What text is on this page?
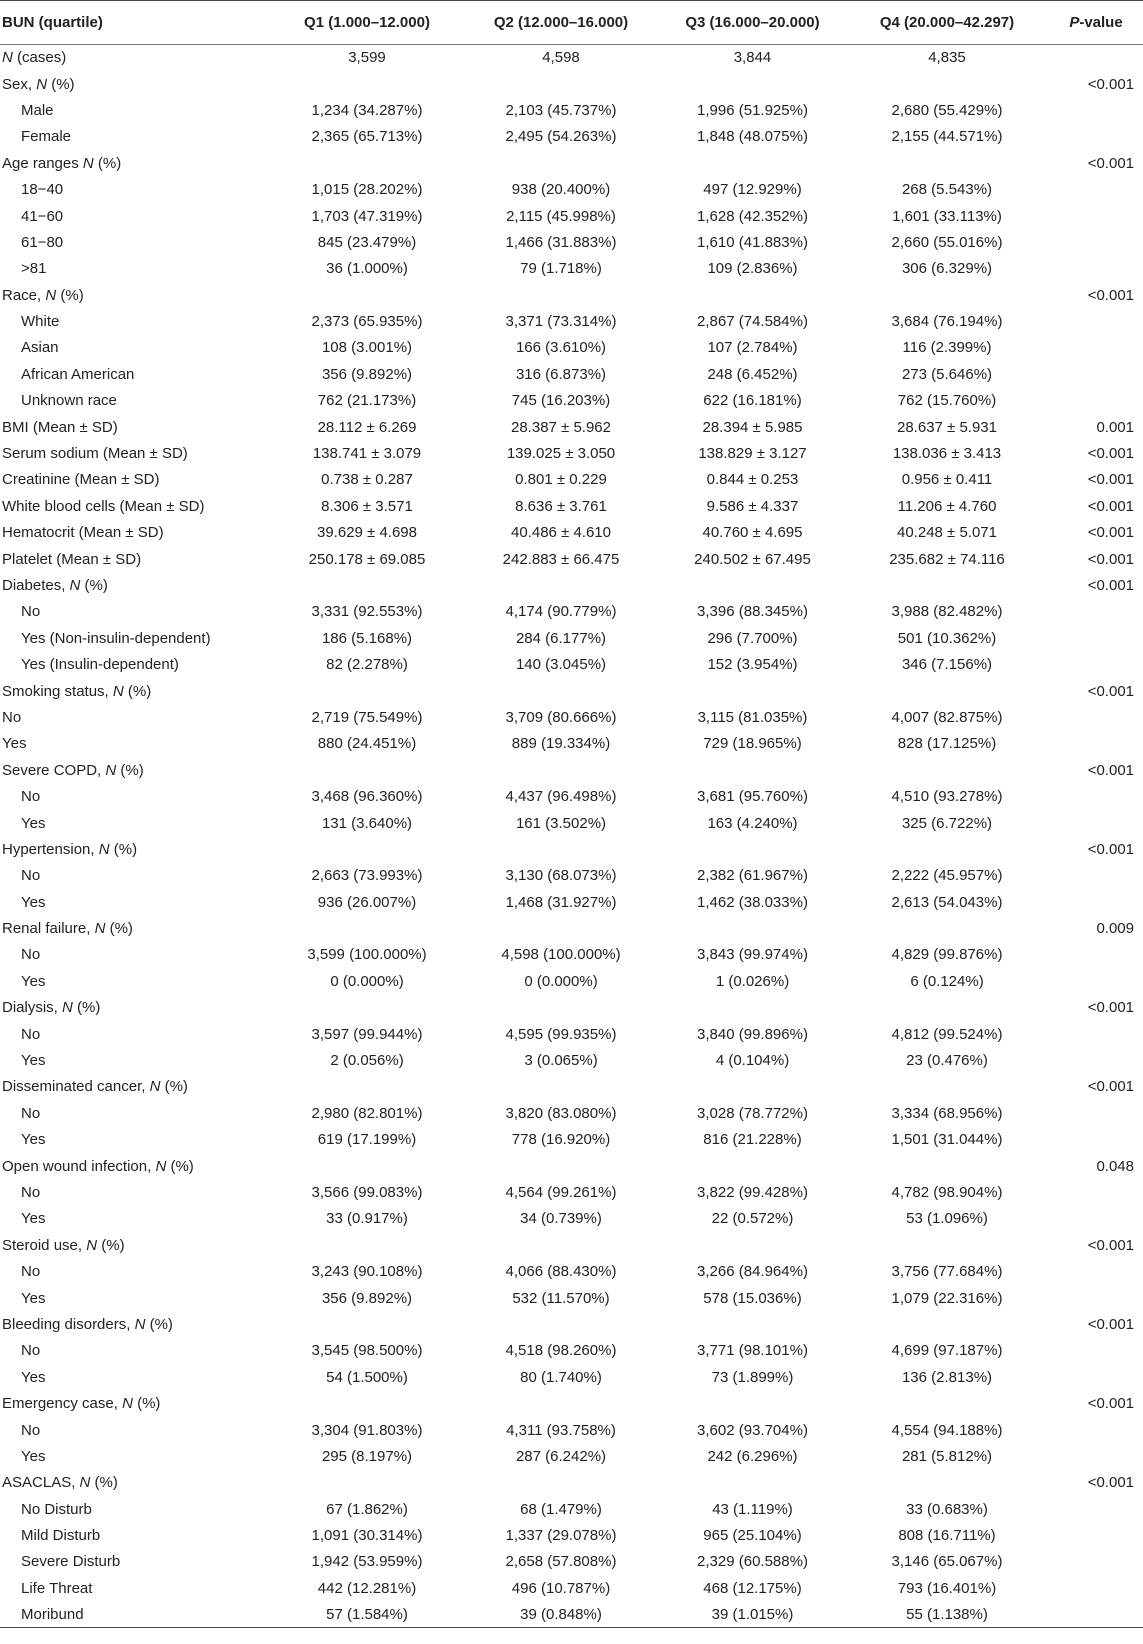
BUN (quartile)	Q1 (1.000–12.000)	Q2 (12.000–16.000)	Q3 (16.000–20.000)	Q4 (20.000–42.297)	P-value
N (cases)	3,599	4,598	3,844	4,835	
Sex, N (%)					<0.001
Male	1,234 (34.287%)	2,103 (45.737%)	1,996 (51.925%)	2,680 (55.429%)	
Female	2,365 (65.713%)	2,495 (54.263%)	1,848 (48.075%)	2,155 (44.571%)	
Age ranges N (%)					<0.001
18−40	1,015 (28.202%)	938 (20.400%)	497 (12.929%)	268 (5.543%)	
41−60	1,703 (47.319%)	2,115 (45.998%)	1,628 (42.352%)	1,601 (33.113%)	
61−80	845 (23.479%)	1,466 (31.883%)	1,610 (41.883%)	2,660 (55.016%)	
>81	36 (1.000%)	79 (1.718%)	109 (2.836%)	306 (6.329%)	
Race, N (%)					<0.001
White	2,373 (65.935%)	3,371 (73.314%)	2,867 (74.584%)	3,684 (76.194%)	
Asian	108 (3.001%)	166 (3.610%)	107 (2.784%)	116 (2.399%)	
African American	356 (9.892%)	316 (6.873%)	248 (6.452%)	273 (5.646%)	
Unknown race	762 (21.173%)	745 (16.203%)	622 (16.181%)	762 (15.760%)	
BMI (Mean ± SD)	28.112 ± 6.269	28.387 ± 5.962	28.394 ± 5.985	28.637 ± 5.931	0.001
Serum sodium (Mean ± SD)	138.741 ± 3.079	139.025 ± 3.050	138.829 ± 3.127	138.036 ± 3.413	<0.001
Creatinine (Mean ± SD)	0.738 ± 0.287	0.801 ± 0.229	0.844 ± 0.253	0.956 ± 0.411	<0.001
White blood cells (Mean ± SD)	8.306 ± 3.571	8.636 ± 3.761	9.586 ± 4.337	11.206 ± 4.760	<0.001
Hematocrit (Mean ± SD)	39.629 ± 4.698	40.486 ± 4.610	40.760 ± 4.695	40.248 ± 5.071	<0.001
Platelet (Mean ± SD)	250.178 ± 69.085	242.883 ± 66.475	240.502 ± 67.495	235.682 ± 74.116	<0.001
Diabetes, N (%)					<0.001
No	3,331 (92.553%)	4,174 (90.779%)	3,396 (88.345%)	3,988 (82.482%)	
Yes (Non-insulin-dependent)	186 (5.168%)	284 (6.177%)	296 (7.700%)	501 (10.362%)	
Yes (Insulin-dependent)	82 (2.278%)	140 (3.045%)	152 (3.954%)	346 (7.156%)	
Smoking status, N (%)					<0.001
No	2,719 (75.549%)	3,709 (80.666%)	3,115 (81.035%)	4,007 (82.875%)	
Yes	880 (24.451%)	889 (19.334%)	729 (18.965%)	828 (17.125%)	
Severe COPD, N (%)					<0.001
No	3,468 (96.360%)	4,437 (96.498%)	3,681 (95.760%)	4,510 (93.278%)	
Yes	131 (3.640%)	161 (3.502%)	163 (4.240%)	325 (6.722%)	
Hypertension, N (%)					<0.001
No	2,663 (73.993%)	3,130 (68.073%)	2,382 (61.967%)	2,222 (45.957%)	
Yes	936 (26.007%)	1,468 (31.927%)	1,462 (38.033%)	2,613 (54.043%)	
Renal failure, N (%)					0.009
No	3,599 (100.000%)	4,598 (100.000%)	3,843 (99.974%)	4,829 (99.876%)	
Yes	0 (0.000%)	0 (0.000%)	1 (0.026%)	6 (0.124%)	
Dialysis, N (%)					<0.001
No	3,597 (99.944%)	4,595 (99.935%)	3,840 (99.896%)	4,812 (99.524%)	
Yes	2 (0.056%)	3 (0.065%)	4 (0.104%)	23 (0.476%)	
Disseminated cancer, N (%)					<0.001
No	2,980 (82.801%)	3,820 (83.080%)	3,028 (78.772%)	3,334 (68.956%)	
Yes	619 (17.199%)	778 (16.920%)	816 (21.228%)	1,501 (31.044%)	
Open wound infection, N (%)					0.048
No	3,566 (99.083%)	4,564 (99.261%)	3,822 (99.428%)	4,782 (98.904%)	
Yes	33 (0.917%)	34 (0.739%)	22 (0.572%)	53 (1.096%)	
Steroid use, N (%)					<0.001
No	3,243 (90.108%)	4,066 (88.430%)	3,266 (84.964%)	3,756 (77.684%)	
Yes	356 (9.892%)	532 (11.570%)	578 (15.036%)	1,079 (22.316%)	
Bleeding disorders, N (%)					<0.001
No	3,545 (98.500%)	4,518 (98.260%)	3,771 (98.101%)	4,699 (97.187%)	
Yes	54 (1.500%)	80 (1.740%)	73 (1.899%)	136 (2.813%)	
Emergency case, N (%)					<0.001
No	3,304 (91.803%)	4,311 (93.758%)	3,602 (93.704%)	4,554 (94.188%)	
Yes	295 (8.197%)	287 (6.242%)	242 (6.296%)	281 (5.812%)	
ASACLAS, N (%)					<0.001
No Disturb	67 (1.862%)	68 (1.479%)	43 (1.119%)	33 (0.683%)	
Mild Disturb	1,091 (30.314%)	1,337 (29.078%)	965 (25.104%)	808 (16.711%)	
Severe Disturb	1,942 (53.959%)	2,658 (57.808%)	2,329 (60.588%)	3,146 (65.067%)	
Life Threat	442 (12.281%)	496 (10.787%)	468 (12.175%)	793 (16.401%)	
Moribund	57 (1.584%)	39 (0.848%)	39 (1.015%)	55 (1.138%)	
